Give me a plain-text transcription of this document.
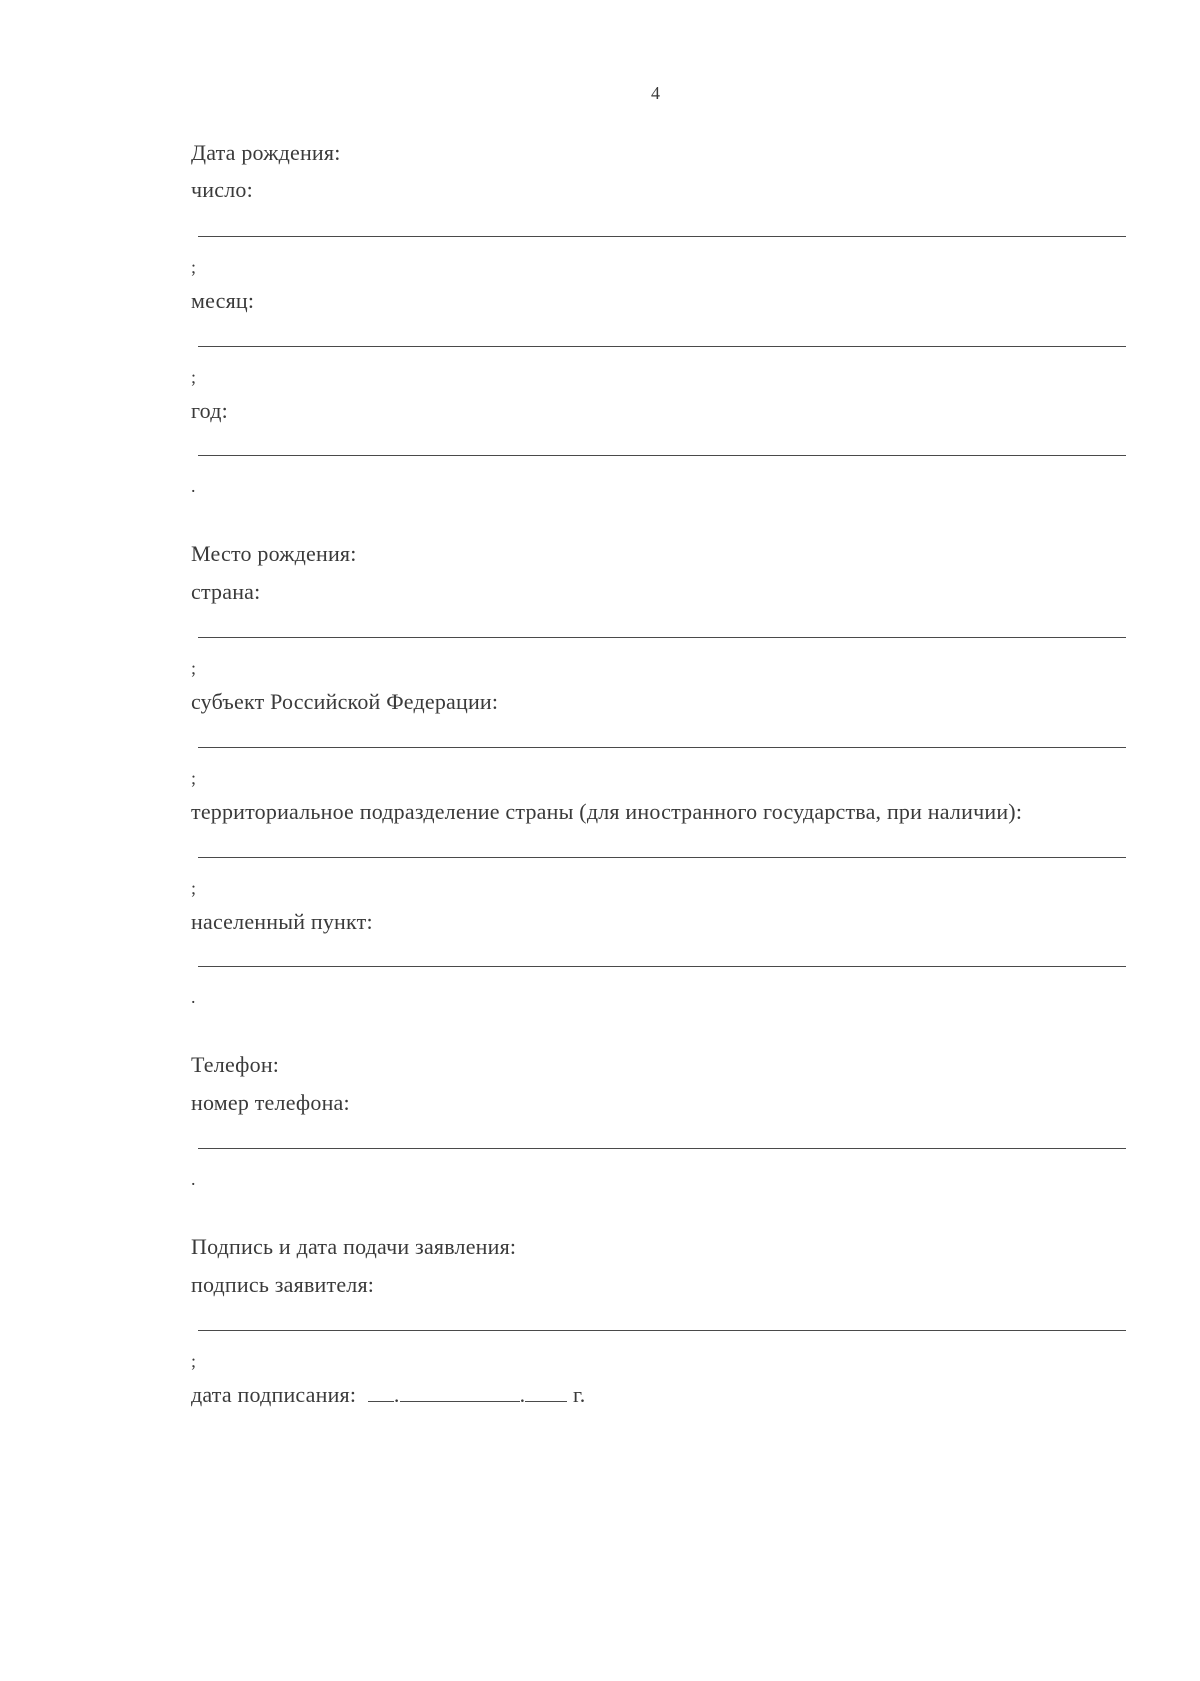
4
Дата рождения:
число:
;
месяц:
;
год:
.
Место рождения:
страна:
;
субъект Российской Федерации:
;
территориальное подразделение страны (для иностранного государства, при наличии):
;
населенный пункт:
.
Телефон:
номер телефона:
.
Подпись и дата подачи заявления:
подпись заявителя:
;
дата подписания: .	. г.
